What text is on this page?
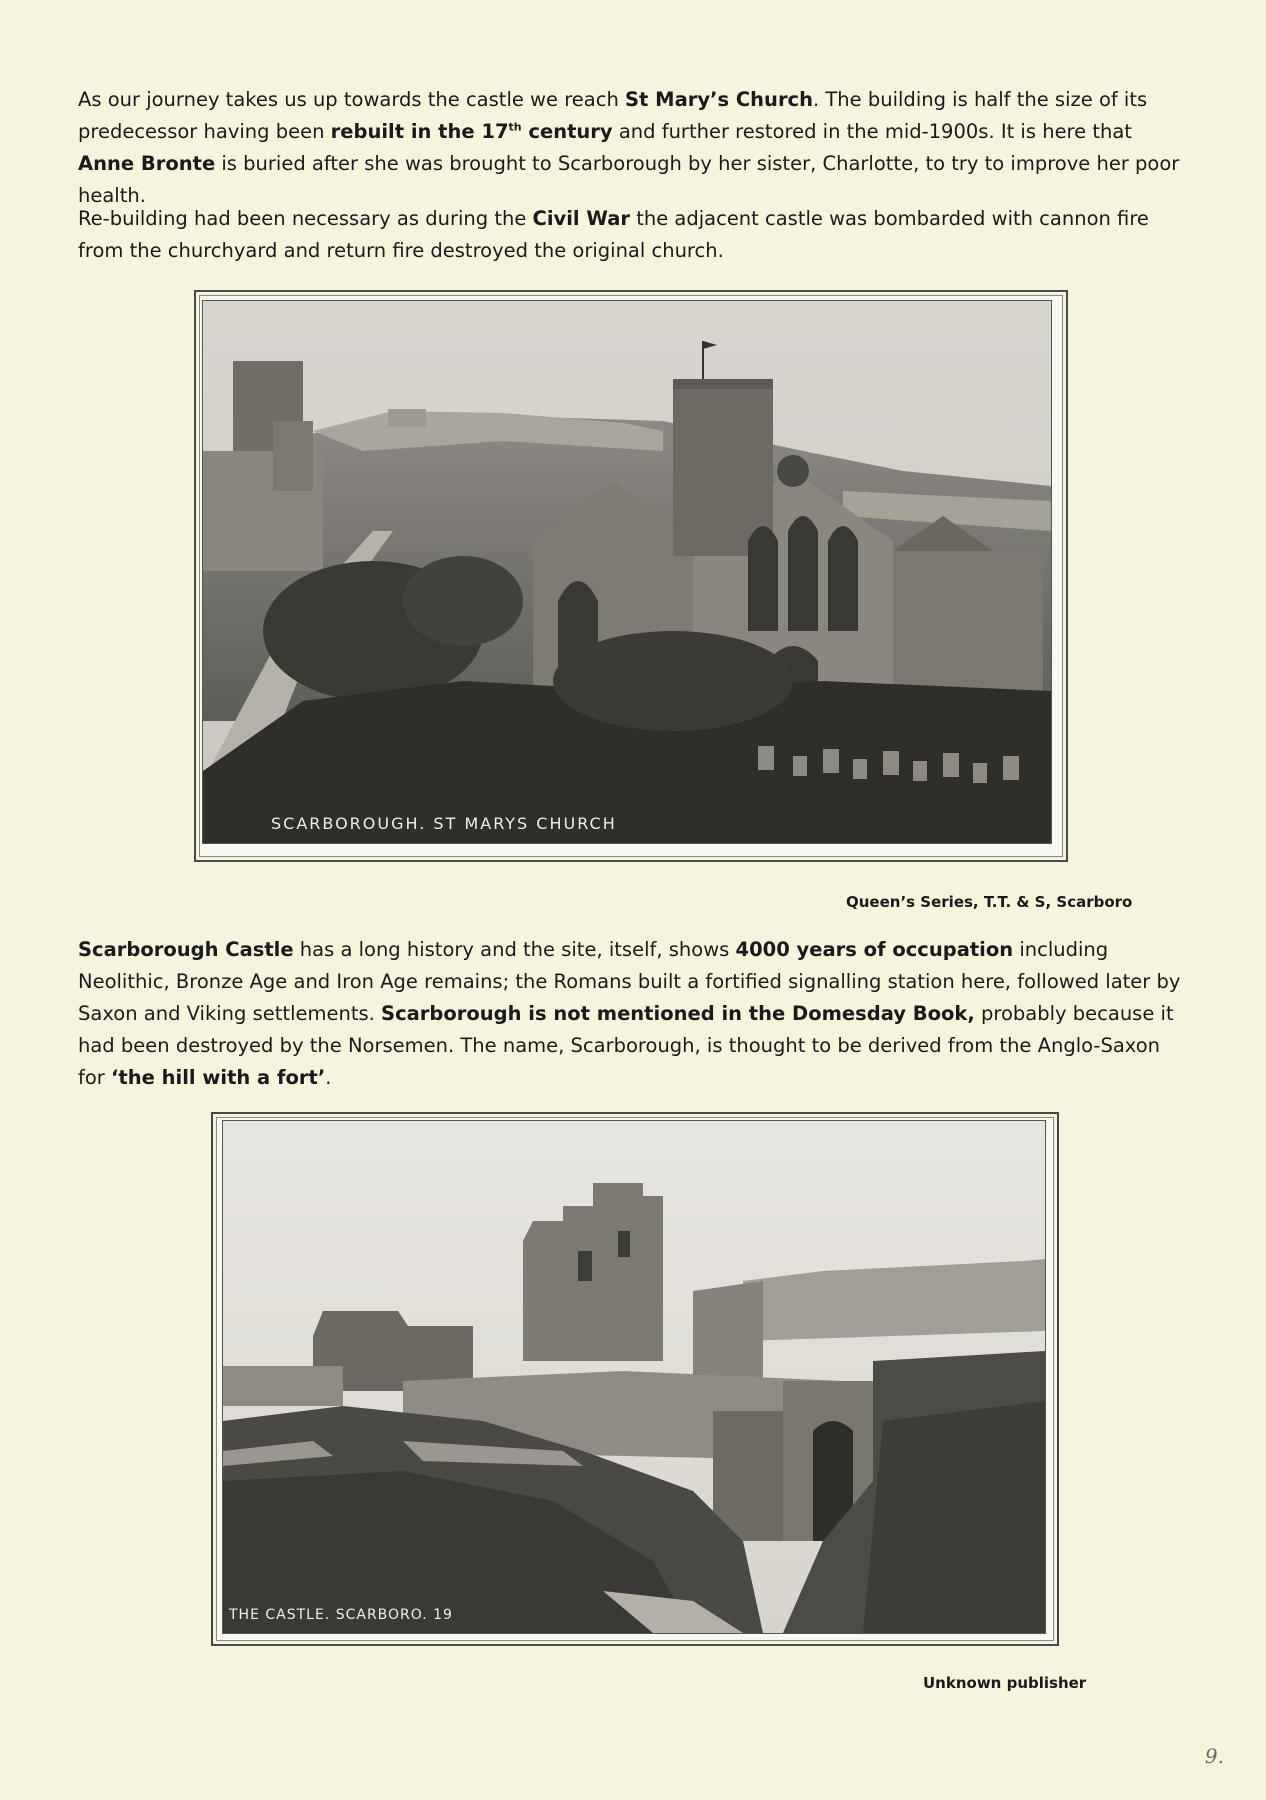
As our journey takes us up towards the castle we reach St Mary’s Church. The building is half the size of its predecessor having been rebuilt in the 17th century and further restored in the mid-1900s. It is here that Anne Bronte is buried after she was brought to Scarborough by her sister, Charlotte, to try to improve her poor health.

Re-building had been necessary as during the Civil War the adjacent castle was bombarded with cannon fire from the churchyard and return fire destroyed the original church.

SCARBOROUGH. ST MARYS CHURCH

Queen’s Series, T.T. & S, Scarboro

Scarborough Castle has a long history and the site, itself, shows 4000 years of occupation including Neolithic, Bronze Age and Iron Age remains; the Romans built a fortified signalling station here, followed later by Saxon and Viking settlements. Scarborough is not mentioned in the Domesday Book, probably because it had been destroyed by the Norsemen. The name, Scarborough, is thought to be derived from the Anglo-Saxon for ‘the hill with a fort’.

THE CASTLE. SCARBORO. 19

Unknown publisher

9.
